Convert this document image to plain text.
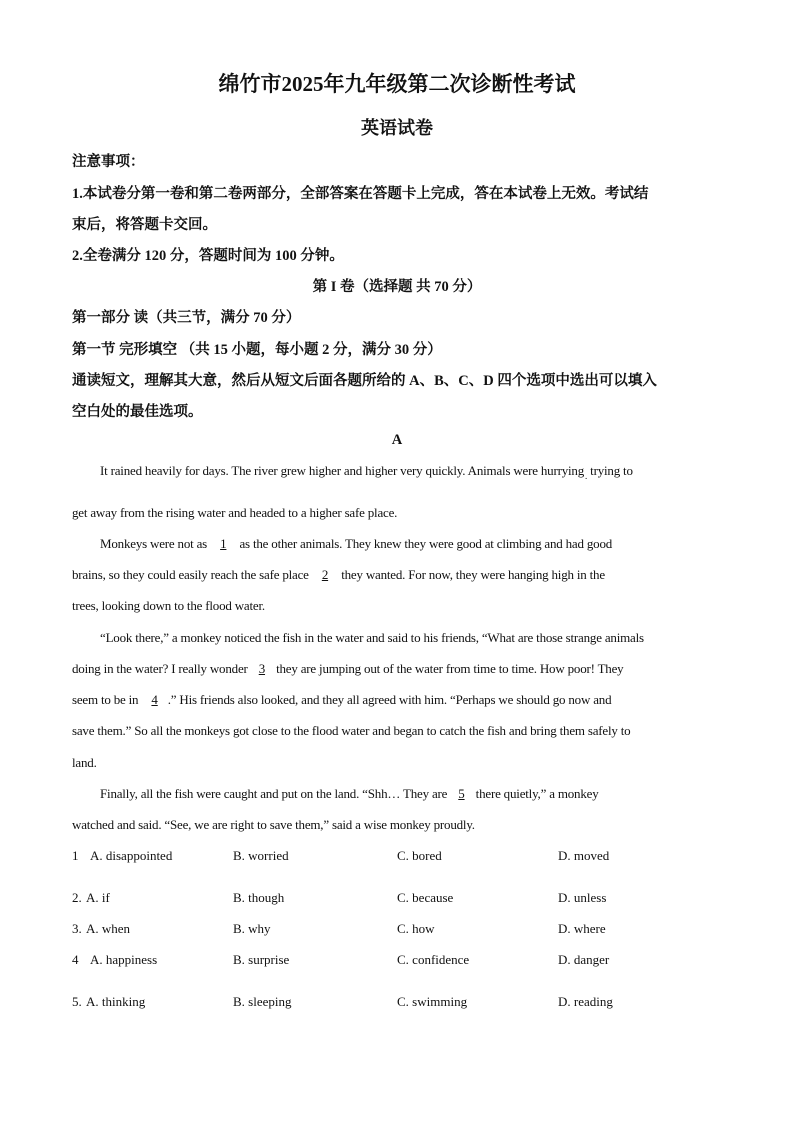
绵竹市2025年九年级第二次诊断性考试
英语试卷
注意事项：
1.本试卷分第一卷和第二卷两部分，全部答案在答题卡上完成，答在本试卷上无效。考试结
束后，将答题卡交回。
2.全卷满分 120 分，答题时间为 100 分钟。
第 I 卷（选择题 共 70 分）
第一部分 读（共三节，满分 70 分）
第一节 完形填空 （共 15 小题，每小题 2 分，满分 30 分）
通读短文，理解其大意，然后从短文后面各题所给的 A、B、C、D 四个选项中选出可以填入
空白处的最佳选项。
A
It rained heavily for days. The river grew higher and higher very quickly. Animals were hurrying$_.$ trying to
get away from the rising water and headed to a higher safe place.
Monkeys were not as 1 as the other animals. They knew they were good at climbing and had good
brains, so they could easily reach the safe place 2 they wanted. For now, they were hanging high in the
trees, looking down to the flood water.
“Look there,” a monkey noticed the fish in the water and said to his friends, “What are those strange animals
doing in the water? I really wonder 3 they are jumping out of the water from time to time. How poor! They
seem to be in 4 .” His friends also looked, and they all agreed with him. “Perhaps we should go now and
save them.” So all the monkeys got close to the flood water and began to catch the fish and bring them safely to
land.
Finally, all the fish were caught and put on the land. “Shh… They are 5 there quietly,” a monkey
watched and said. “See, we are right to save them,” said a wise monkey proudly.
1 A. disappointed	B. worried	C. bored	D. moved
2. A. if	B. though	C. because	D. unless
3. A. when	B. why	C. how	D. where
4 A. happiness	B. surprise	C. confidence	D. danger
5. A. thinking	B. sleeping	C. swimming	D. reading
